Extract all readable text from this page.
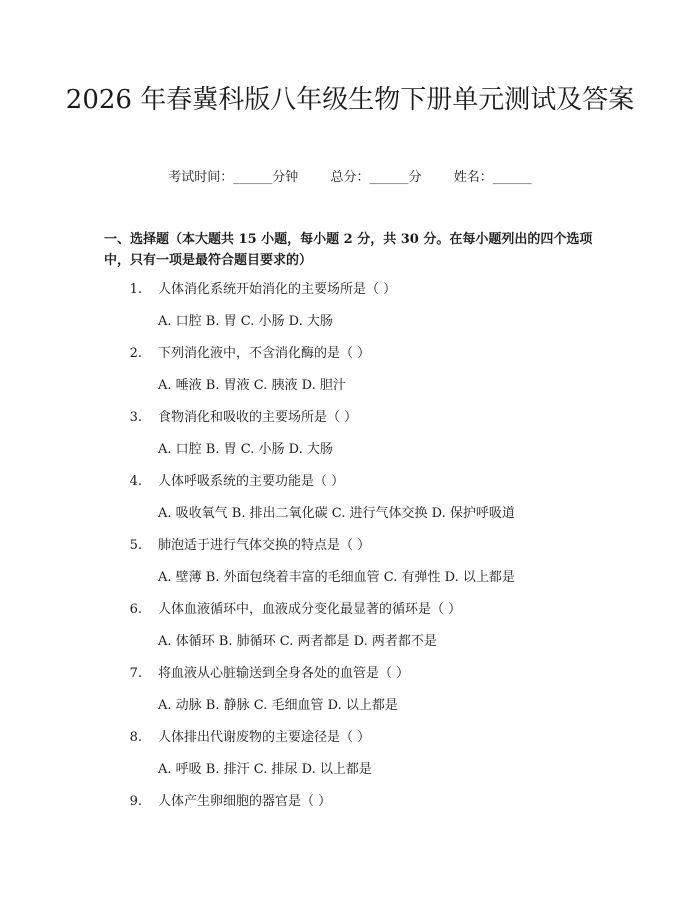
2026 年春冀科版八年级生物下册单元测试及答案
考试时间：______分钟 总分：______分 姓名：______
一、选择题（本大题共 15 小题，每小题 2 分，共 30 分。在每小题列出的四个选项中，只有一项是最符合题目要求的）
1. 人体消化系统开始消化的主要场所是（ ）
A. 口腔 B. 胃 C. 小肠 D. 大肠
2. 下列消化液中，不含消化酶的是（ ）
A. 唾液 B. 胃液 C. 胰液 D. 胆汁
3. 食物消化和吸收的主要场所是（ ）
A. 口腔 B. 胃 C. 小肠 D. 大肠
4. 人体呼吸系统的主要功能是（ ）
A. 吸收氧气 B. 排出二氧化碳 C. 进行气体交换 D. 保护呼吸道
5. 肺泡适于进行气体交换的特点是（ ）
A. 壁薄 B. 外面包绕着丰富的毛细血管 C. 有弹性 D. 以上都是
6. 人体血液循环中，血液成分变化最显著的循环是（ ）
A. 体循环 B. 肺循环 C. 两者都是 D. 两者都不是
7. 将血液从心脏输送到全身各处的血管是（ ）
A. 动脉 B. 静脉 C. 毛细血管 D. 以上都是
8. 人体排出代谢废物的主要途径是（ ）
A. 呼吸 B. 排汗 C. 排尿 D. 以上都是
9. 人体产生卵细胞的器官是（ ）
